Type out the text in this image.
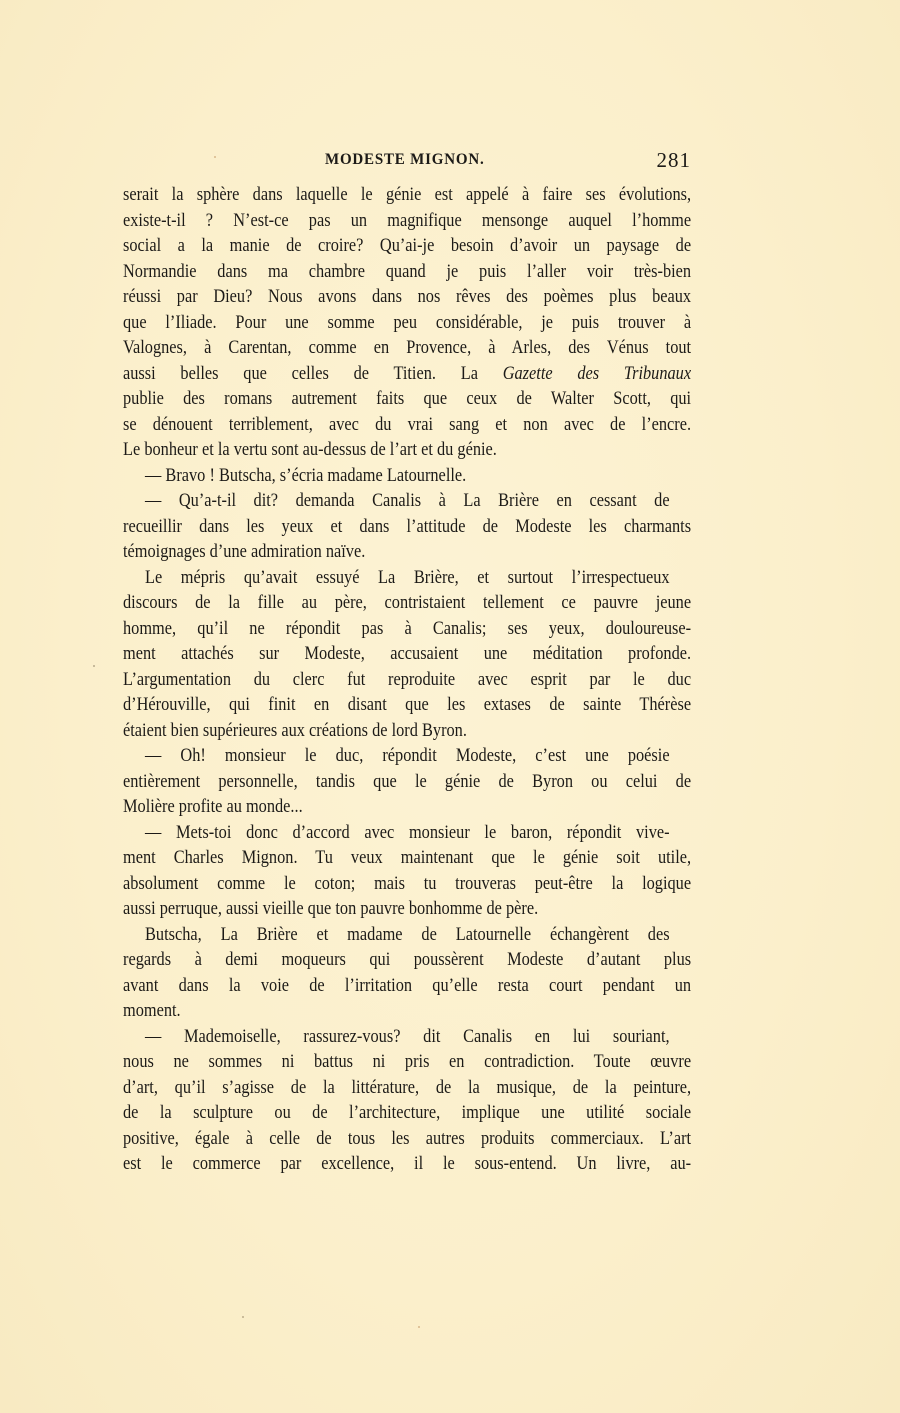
MODESTE MIGNON.	281
serait la sphère dans laquelle le génie est appelé à faire ses évolutions,
existe-t-il ? N’est-ce pas un magnifique mensonge auquel l’homme
social a la manie de croire? Qu’ai-je besoin d’avoir un paysage de
Normandie dans ma chambre quand je puis l’aller voir très-bien
réussi par Dieu? Nous avons dans nos rêves des poèmes plus beaux
que l’Iliade. Pour une somme peu considérable, je puis trouver à
Valognes, à Carentan, comme en Provence, à Arles, des Vénus tout
aussi belles que celles de Titien. La Gazette des Tribunaux
publie des romans autrement faits que ceux de Walter Scott, qui
se dénouent terriblement, avec du vrai sang et non avec de l’encre.
Le bonheur et la vertu sont au-dessus de l’art et du génie.
— Bravo ! Butscha, s’écria madame Latournelle.
— Qu’a-t-il dit? demanda Canalis à La Brière en cessant de
recueillir dans les yeux et dans l’attitude de Modeste les charmants
témoignages d’une admiration naïve.
Le mépris qu’avait essuyé La Brière, et surtout l’irrespectueux
discours de la fille au père, contristaient tellement ce pauvre jeune
homme, qu’il ne répondit pas à Canalis; ses yeux, douloureuse-
ment attachés sur Modeste, accusaient une méditation profonde.
L’argumentation du clerc fut reproduite avec esprit par le duc
d’Hérouville, qui finit en disant que les extases de sainte Thérèse
étaient bien supérieures aux créations de lord Byron.
— Oh! monsieur le duc, répondit Modeste, c’est une poésie
entièrement personnelle, tandis que le génie de Byron ou celui de
Molière profite au monde...
— Mets-toi donc d’accord avec monsieur le baron, répondit vive-
ment Charles Mignon. Tu veux maintenant que le génie soit utile,
absolument comme le coton; mais tu trouveras peut-être la logique
aussi perruque, aussi vieille que ton pauvre bonhomme de père.
Butscha, La Brière et madame de Latournelle échangèrent des
regards à demi moqueurs qui poussèrent Modeste d’autant plus
avant dans la voie de l’irritation qu’elle resta court pendant un
moment.
— Mademoiselle, rassurez-vous? dit Canalis en lui souriant,
nous ne sommes ni battus ni pris en contradiction. Toute œuvre
d’art, qu’il s’agisse de la littérature, de la musique, de la peinture,
de la sculpture ou de l’architecture, implique une utilité sociale
positive, égale à celle de tous les autres produits commerciaux. L’art
est le commerce par excellence, il le sous-entend. Un livre, au-
